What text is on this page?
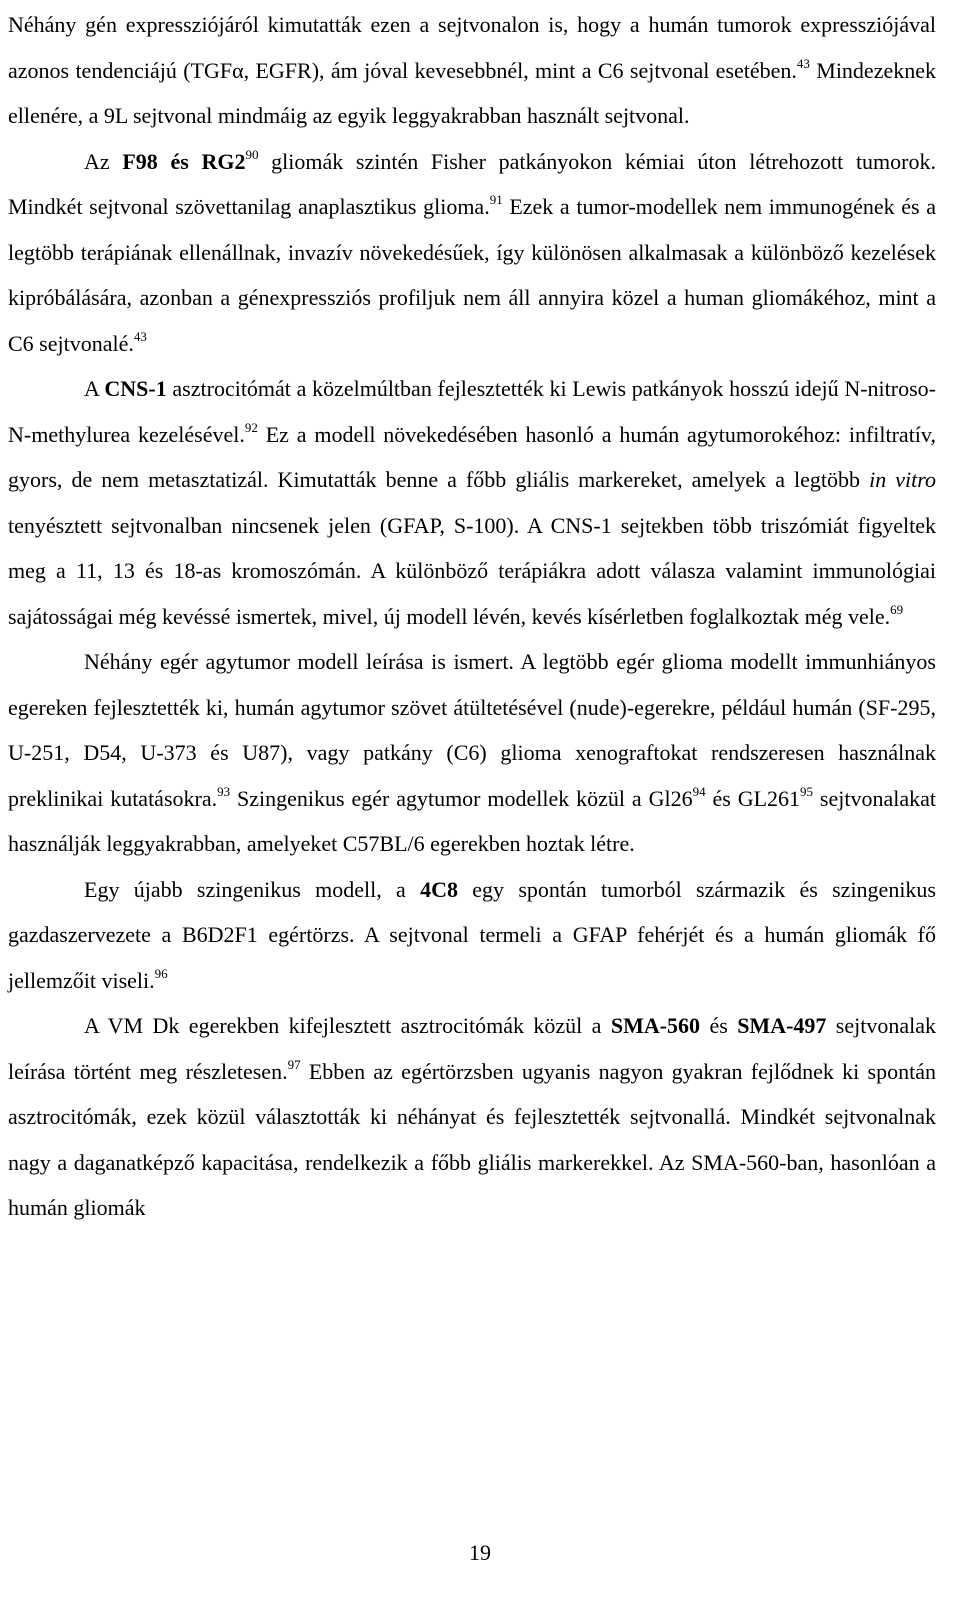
Néhány gén expressziójáról kimutatták ezen a sejtvonalon is, hogy a humán tumorok expressziójával azonos tendenciájú (TGFα, EGFR), ám jóval kevesebbnél, mint a C6 sejtvonal esetében.$^{43}$ Mindezeknek ellenére, a 9L sejtvonal mindmáig az egyik leggyakrabban használt sejtvonal.

Az F98 és $RG2^{90}$ gliomák szintén Fisher patkányokon kémiai úton létrehozott tumorok. Mindkét sejtvonal szövettanilag anaplasztikus glioma.$^{91}$ Ezek a tumor-modellek nem immunogének és a legtöbb terápiának ellenállnak, invazív növekedésűek, így különösen alkalmasak a különböző kezelések kipróbálására, azonban a génexpressziós profiljuk nem áll annyira közel a human gliomákéhoz, mint a C6 sejtvonalé.$^{43}$

A CNS-1 asztrocitómát a közelmúltban fejlesztették ki Lewis patkányok hosszú idejű N-nitroso-N-methylurea kezelésével.$^{92}$ Ez a modell növekedésében hasonló a humán agytumorokéhoz: infiltratív, gyors, de nem metasztatizál. Kimutatták benne a főbb gliális markereket, amelyek a legtöbb in vitro tenyésztett sejtvonalban nincsenek jelen (GFAP, S-100). A CNS-1 sejtekben több triszómiát figyeltek meg a 11, 13 és 18-as kromoszómán. A különböző terápiákra adott válasza valamint immunológiai sajátosságai még kevéssé ismertek, mivel, új modell lévén, kevés kísérletben foglalkoztak még vele.$^{69}$

Néhány egér agytumor modell leírása is ismert. A legtöbb egér glioma modellt immunhiányos egereken fejlesztették ki, humán agytumor szövet átültetésével (nude)-egerekre, például humán (SF-295, U-251, D54, U-373 és U87), vagy patkány (C6) glioma xenograftokat rendszeresen használnak preklinikai kutatásokra.$^{93}$ Szingenikus egér agytumor modellek közül a $Gl26^{94}$ és $GL261^{95}$ sejtvonalakat használják leggyakrabban, amelyeket C57BL/6 egerekben hoztak létre.

Egy újabb szingenikus modell, a 4C8 egy spontán tumorból származik és szingenikus gazdaszervezete a B6D2F1 egértörzs. A sejtvonal termeli a GFAP fehérjét és a humán gliomák fő jellemzőit viseli.$^{96}$

A VM Dk egerekben kifejlesztett asztrocitómák közül a SMA-560 és SMA-497 sejtvonalak leírása történt meg részletesen.$^{97}$ Ebben az egértörzsben ugyanis nagyon gyakran fejlődnek ki spontán asztrocitómák, ezek közül választották ki néhányat és fejlesztették sejtvonallá. Mindkét sejtvonalnak nagy a daganatképző kapacitása, rendelkezik a főbb gliális markerekkel. Az SMA-560-ban, hasonlóan a humán gliomák

19
